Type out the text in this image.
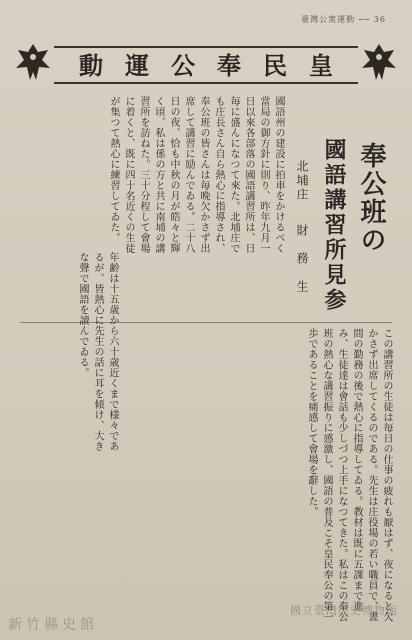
臺灣公衆運動 ── 36
動 運 公 奉 民 皇
奉公班の
國語講習所見参
北埔庄財　務　生
國語州の建設に拍車をかけるべく當局の御方針に則り、昨年九月一日以來各部落の國語講習所は、日毎に盛んになつて來た。北埔庄でも庄長さん自ら熱心に指導され、奉公班の皆さんは毎晩欠かさず出席して講習に励んでゐる。二十八日の夜、恰も中秋の月が皓々と輝く頃、私は係の方と共に南埔の講習所を訪ねた。三十分程して會場に着くと、既に四十名近くの生徒が集つて熱心に練習してゐた。
年齢は十五歳から六十歳近くまで様々であるが、皆熱心に先生の話に耳を傾け、大きな聲で國語を讀んでゐる。
この講習所の生徒は毎日の仕事の疲れも厭はず、夜になると欠かさず出席してくるのである。先生は庄役場の若い職員で、晝間の勤務の後で熱心に指導してゐる。教材は既に五課まで進み、生徒達は會話も少しづつ上手になつてきた。私はこの奉公班の熱心な講習振りに感激し、國語の普及こそ皇民奉公の第一歩であることを痛感して會場を辭した。
新竹縣史館
國立臺灣歷史博物館
